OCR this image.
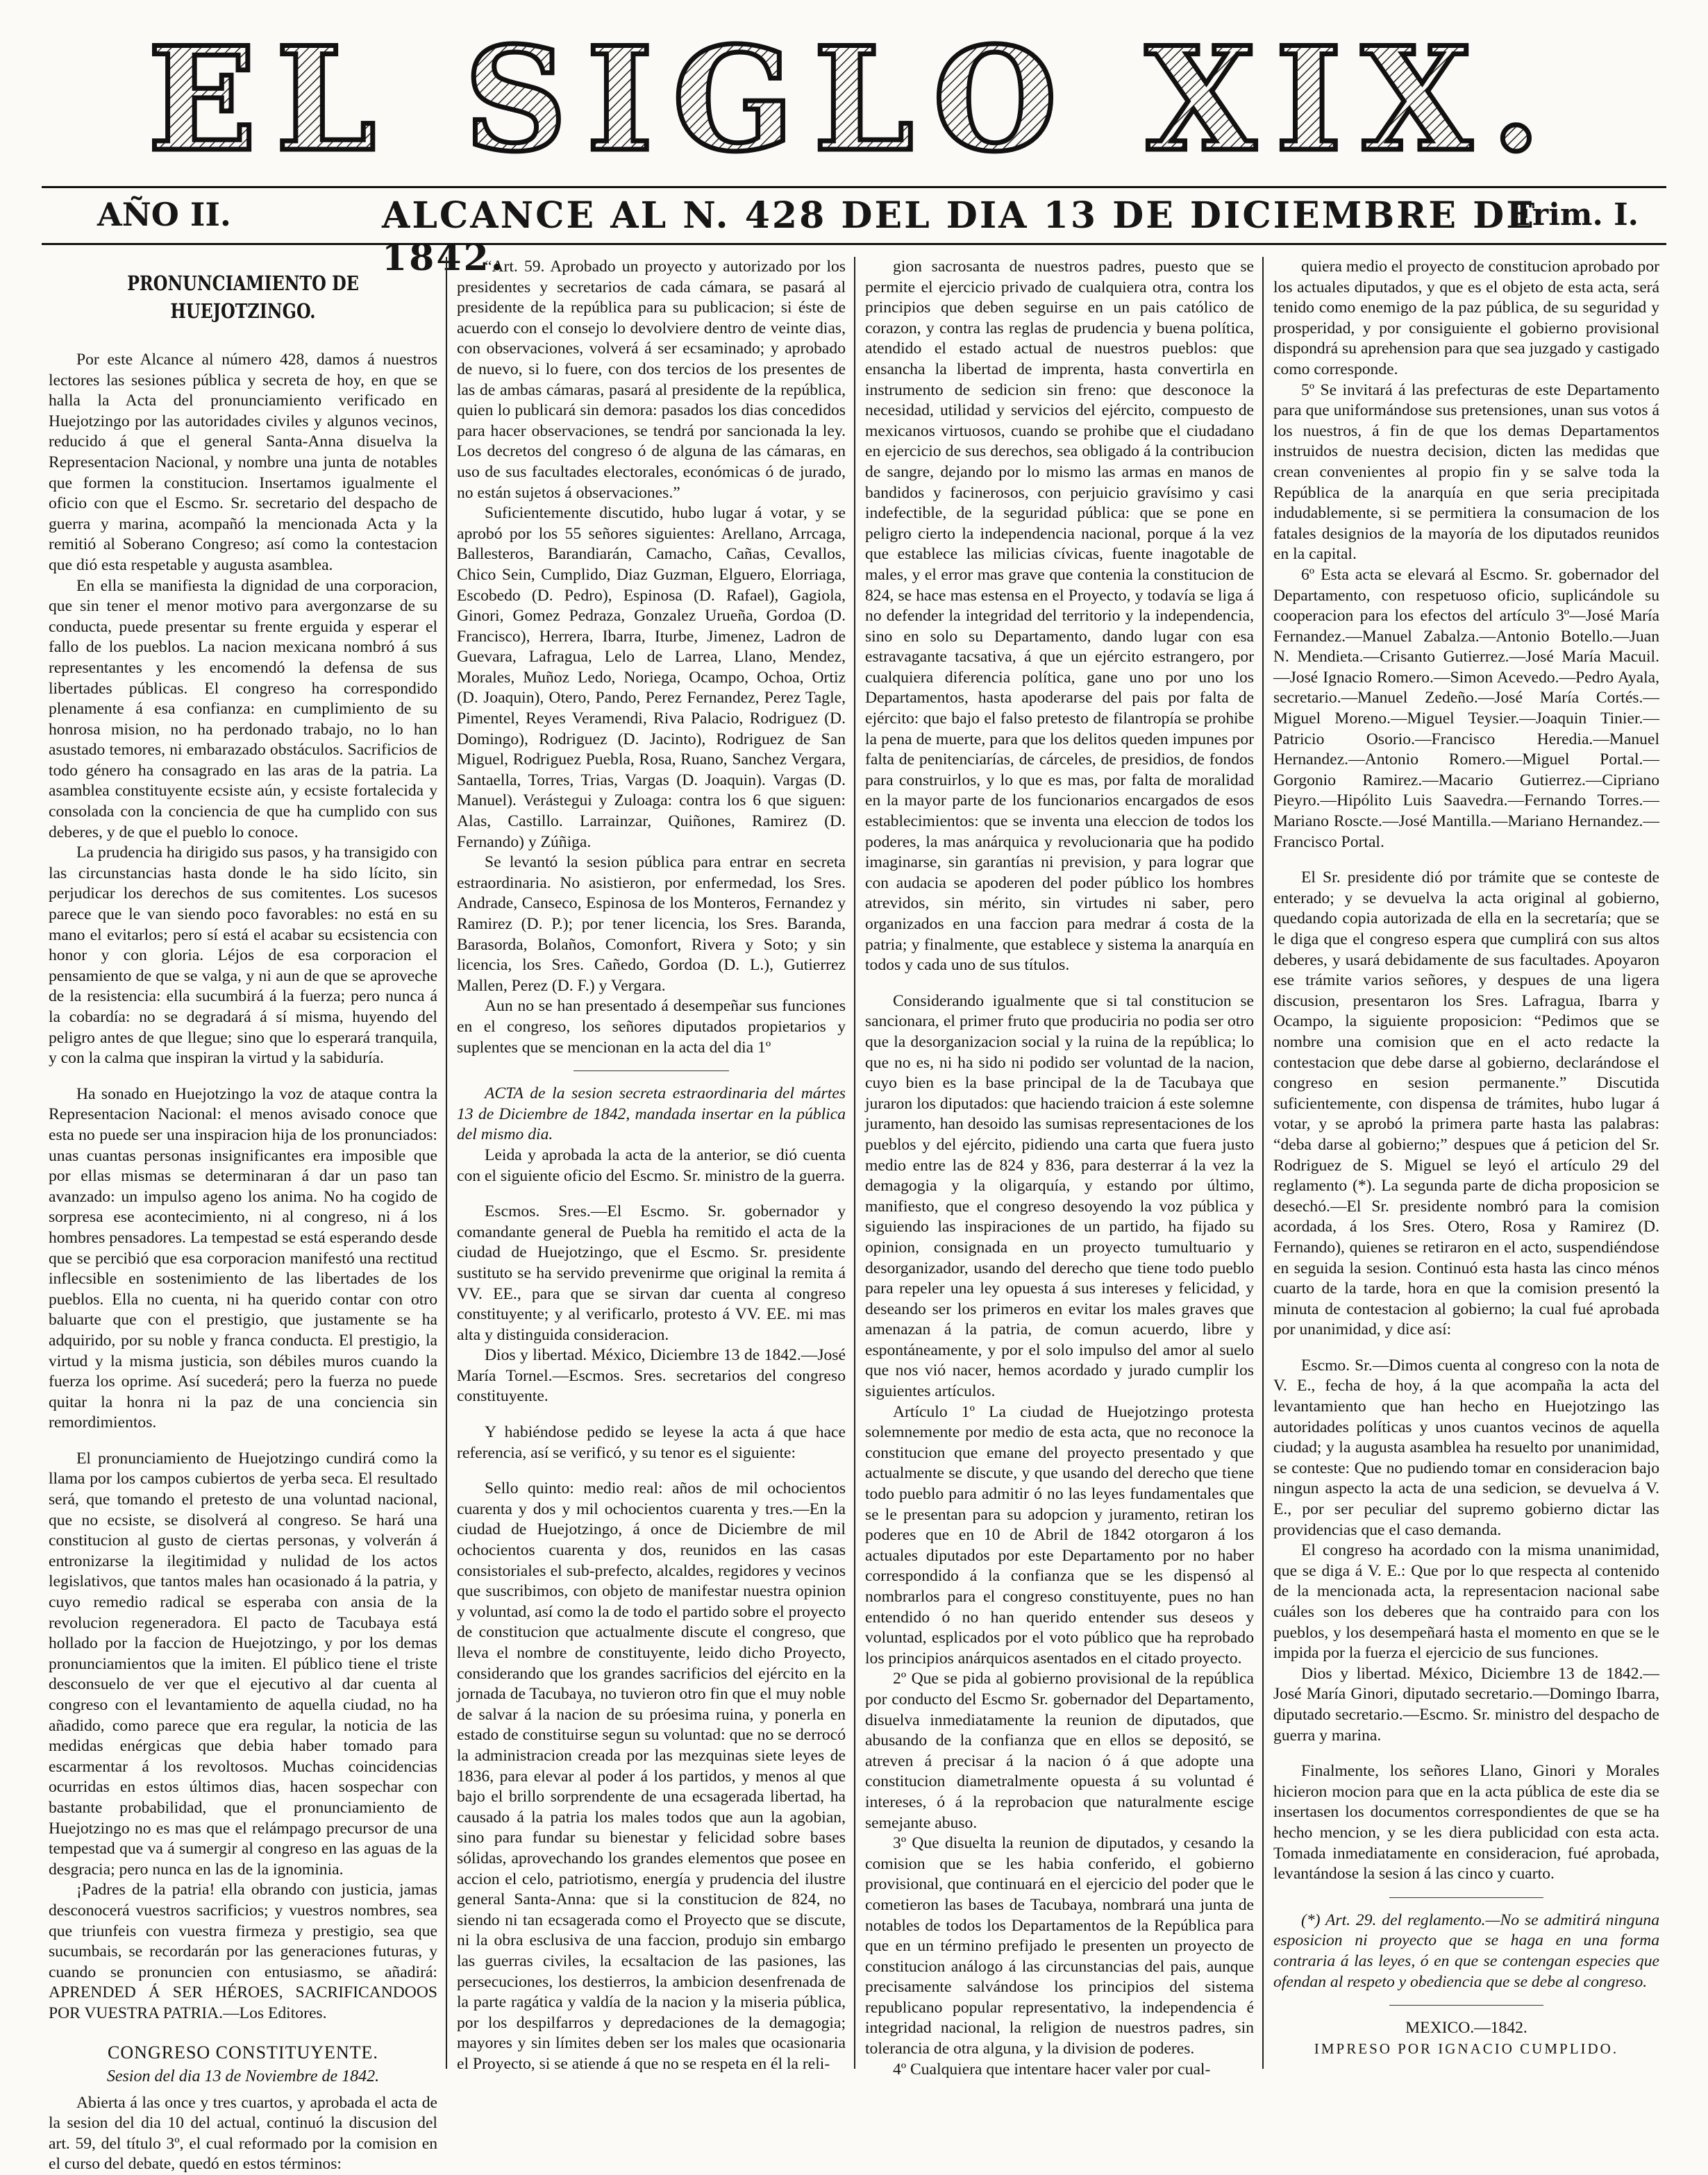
EL SIGLO XIX.
AÑO II.	ALCANCE AL N. 428 DEL DIA 13 DE DICIEMBRE DE 1842.
Trim. I.

PRONUNCIAMIENTO DE HUEJOTZINGO.

Por este Alcance al número 428, damos á nuestros lectores las sesiones pública y secreta de hoy, en que se halla la Acta del pronunciamiento verificado en Huejotzingo por las autoridades civiles y algunos vecinos, reducido á que el general Santa-Anna disuelva la Representacion Nacional, y nombre una junta de notables que formen la constitucion. Insertamos igualmente el oficio con que el Escmo. Sr. secretario del despacho de guerra y marina, acompañó la mencionada Acta y la remitió al Soberano Congreso; así como la contestacion que dió esta respetable y augusta asamblea.

En ella se manifiesta la dignidad de una corporacion, que sin tener el menor motivo para avergonzarse de su conducta, puede presentar su frente erguida y esperar el fallo de los pueblos. La nacion mexicana nombró á sus representantes y les encomendó la defensa de sus libertades públicas. El congreso ha correspondido plenamente á esa confianza: en cumplimiento de su honrosa mision, no ha perdonado trabajo, no lo han asustado temores, ni embarazado obstáculos. Sacrificios de todo género ha consagrado en las aras de la patria. La asamblea constituyente ecsiste aún, y ecsiste fortalecida y consolada con la conciencia de que ha cumplido con sus deberes, y de que el pueblo lo conoce.

La prudencia ha dirigido sus pasos, y ha transigido con las circunstancias hasta donde le ha sido lícito, sin perjudicar los derechos de sus comitentes. Los sucesos parece que le van siendo poco favorables: no está en su mano el evitarlos; pero sí está el acabar su ecsistencia con honor y con gloria. Léjos de esa corporacion el pensamiento de que se valga, y ni aun de que se aproveche de la resistencia: ella sucumbirá á la fuerza; pero nunca á la cobardía: no se degradará á sí misma, huyendo del peligro antes de que llegue; sino que lo esperará tranquila, y con la calma que inspiran la virtud y la sabiduría.

Ha sonado en Huejotzingo la voz de ataque contra la Representacion Nacional: el menos avisado conoce que esta no puede ser una inspiracion hija de los pronunciados: unas cuantas personas insignificantes era imposible que por ellas mismas se determinaran á dar un paso tan avanzado: un impulso ageno los anima. No ha cogido de sorpresa ese acontecimiento, ni al congreso, ni á los hombres pensadores. La tempestad se está esperando desde que se percibió que esa corporacion manifestó una rectitud inflecsible en sostenimiento de las libertades de los pueblos. Ella no cuenta, ni ha querido contar con otro baluarte que con el prestigio, que justamente se ha adquirido, por su noble y franca conducta. El prestigio, la virtud y la misma justicia, son débiles muros cuando la fuerza los oprime. Así sucederá; pero la fuerza no puede quitar la honra ni la paz de una conciencia sin remordimientos.

El pronunciamiento de Huejotzingo cundirá como la llama por los campos cubiertos de yerba seca. El resultado será, que tomando el pretesto de una voluntad nacional, que no ecsiste, se disolverá al congreso. Se hará una constitucion al gusto de ciertas personas, y volverán á entronizarse la ilegitimidad y nulidad de los actos legislativos, que tantos males han ocasionado á la patria, y cuyo remedio radical se esperaba con ansia de la revolucion regeneradora. El pacto de Tacubaya está hollado por la faccion de Huejotzingo, y por los demas pronunciamientos que la imiten. El público tiene el triste desconsuelo de ver que el ejecutivo al dar cuenta al congreso con el levantamiento de aquella ciudad, no ha añadido, como parece que era regular, la noticia de las medidas enérgicas que debia haber tomado para escarmentar á los revoltosos. Muchas coincidencias ocurridas en estos últimos dias, hacen sospechar con bastante probabilidad, que el pronunciamiento de Huejotzingo no es mas que el relámpago precursor de una tempestad que va á sumergir al congreso en las aguas de la desgracia; pero nunca en las de la ignominia.

¡Padres de la patria! ella obrando con justicia, jamas desconocerá vuestros sacrificios; y vuestros nombres, sea que triunfeis con vuestra firmeza y prestigio, sea que sucumbais, se recordarán por las generaciones futuras, y cuando se pronuncien con entusiasmo, se añadirá: APRENDED Á SER HÉROES, SACRIFICANDOOS POR VUESTRA PATRIA.—Los Editores.

CONGRESO CONSTITUYENTE.

Sesion del dia 13 de Noviembre de 1842.

Abierta á las once y tres cuartos, y aprobada el acta de la sesion del dia 10 del actual, continuó la discusion del art. 59, del título 3º, el cual reformado por la comision en el curso del debate, quedó en estos términos:

“Art. 59. Aprobado un proyecto y autorizado por los presidentes y secretarios de cada cámara, se pasará al presidente de la república para su publicacion; si éste de acuerdo con el consejo lo devolviere dentro de veinte dias, con observaciones, volverá á ser ecsaminado; y aprobado de nuevo, si lo fuere, con dos tercios de los presentes de las de ambas cámaras, pasará al presidente de la república, quien lo publicará sin demora: pasados los dias concedidos para hacer observaciones, se tendrá por sancionada la ley. Los decretos del congreso ó de alguna de las cámaras, en uso de sus facultades electorales, económicas ó de jurado, no están sujetos á observaciones.”

Suficientemente discutido, hubo lugar á votar, y se aprobó por los 55 señores siguientes: Arellano, Arrcaga, Ballesteros, Barandiarán, Camacho, Cañas, Cevallos, Chico Sein, Cumplido, Diaz Guzman, Elguero, Elorriaga, Escobedo (D. Pedro), Espinosa (D. Rafael), Gagiola, Ginori, Gomez Pedraza, Gonzalez Urueña, Gordoa (D. Francisco), Herrera, Ibarra, Iturbe, Jimenez, Ladron de Guevara, Lafragua, Lelo de Larrea, Llano, Mendez, Morales, Muñoz Ledo, Noriega, Ocampo, Ochoa, Ortiz (D. Joaquin), Otero, Pando, Perez Fernandez, Perez Tagle, Pimentel, Reyes Veramendi, Riva Palacio, Rodriguez (D. Domingo), Rodriguez (D. Jacinto), Rodriguez de San Miguel, Rodriguez Puebla, Rosa, Ruano, Sanchez Vergara, Santaella, Torres, Trias, Vargas (D. Joaquin). Vargas (D. Manuel). Verástegui y Zuloaga: contra los 6 que siguen: Alas, Castillo. Larrainzar, Quiñones, Ramirez (D. Fernando) y Zúñiga.

Se levantó la sesion pública para entrar en secreta estraordinaria. No asistieron, por enfermedad, los Sres. Andrade, Canseco, Espinosa de los Monteros, Fernandez y Ramirez (D. P.); por tener licencia, los Sres. Baranda, Barasorda, Bolaños, Comonfort, Rivera y Soto; y sin licencia, los Sres. Cañedo, Gordoa (D. L.), Gutierrez Mallen, Perez (D. F.) y Vergara.

Aun no se han presentado á desempeñar sus funciones en el congreso, los señores diputados propietarios y suplentes que se mencionan en la acta del dia 1º

ACTA de la sesion secreta estraordinaria del mártes 13 de Diciembre de 1842, mandada insertar en la pública del mismo dia.

Leida y aprobada la acta de la anterior, se dió cuenta con el siguiente oficio del Escmo. Sr. ministro de la guerra.

Escmos. Sres.—El Escmo. Sr. gobernador y comandante general de Puebla ha remitido el acta de la ciudad de Huejotzingo, que el Escmo. Sr. presidente sustituto se ha servido prevenirme que original la remita á VV. EE., para que se sirvan dar cuenta al congreso constituyente; y al verificarlo, protesto á VV. EE. mi mas alta y distinguida consideracion.

Dios y libertad. México, Diciembre 13 de 1842.—José María Tornel.—Escmos. Sres. secretarios del congreso constituyente.

Y habiéndose pedido se leyese la acta á que hace referencia, así se verificó, y su tenor es el siguiente:

Sello quinto: medio real: años de mil ochocientos cuarenta y dos y mil ochocientos cuarenta y tres.—En la ciudad de Huejotzingo, á once de Diciembre de mil ochocientos cuarenta y dos, reunidos en las casas consistoriales el sub-prefecto, alcaldes, regidores y vecinos que suscribimos, con objeto de manifestar nuestra opinion y voluntad, así como la de todo el partido sobre el proyecto de constitucion que actualmente discute el congreso, que lleva el nombre de constituyente, leido dicho Proyecto, considerando que los grandes sacrificios del ejército en la jornada de Tacubaya, no tuvieron otro fin que el muy noble de salvar á la nacion de su próesima ruina, y ponerla en estado de constituirse segun su voluntad: que no se derrocó la administracion creada por las mezquinas siete leyes de 1836, para elevar al poder á los partidos, y menos al que bajo el brillo sorprendente de una ecsagerada libertad, ha causado á la patria los males todos que aun la agobian, sino para fundar su bienestar y felicidad sobre bases sólidas, aprovechando los grandes elementos que posee en accion el celo, patriotismo, energía y prudencia del ilustre general Santa-Anna: que si la constitucion de 824, no siendo ni tan ecsagerada como el Proyecto que se discute, ni la obra esclusiva de una faccion, produjo sin embargo las guerras civiles, la ecsaltacion de las pasiones, las persecuciones, los destierros, la ambicion desenfrenada de la parte ragática y valdía de la nacion y la miseria pública, por los despilfarros y depredaciones de la demagogia; mayores y sin límites deben ser los males que ocasionaria el Proyecto, si se atiende á que no se respeta en él la reli-

gion sacrosanta de nuestros padres, puesto que se permite el ejercicio privado de cualquiera otra, contra los principios que deben seguirse en un pais católico de corazon, y contra las reglas de prudencia y buena política, atendido el estado actual de nuestros pueblos: que ensancha la libertad de imprenta, hasta convertirla en instrumento de sedicion sin freno: que desconoce la necesidad, utilidad y servicios del ejército, compuesto de mexicanos virtuosos, cuando se prohibe que el ciudadano en ejercicio de sus derechos, sea obligado á la contribucion de sangre, dejando por lo mismo las armas en manos de bandidos y facinerosos, con perjuicio gravísimo y casi indefectible, de la seguridad pública: que se pone en peligro cierto la independencia nacional, porque á la vez que establece las milicias cívicas, fuente inagotable de males, y el error mas grave que contenia la constitucion de 824, se hace mas estensa en el Proyecto, y todavía se liga á no defender la integridad del territorio y la independencia, sino en solo su Departamento, dando lugar con esa estravagante tacsativa, á que un ejército estrangero, por cualquiera diferencia política, gane uno por uno los Departamentos, hasta apoderarse del pais por falta de ejército: que bajo el falso pretesto de filantropía se prohibe la pena de muerte, para que los delitos queden impunes por falta de penitenciarías, de cárceles, de presidios, de fondos para construirlos, y lo que es mas, por falta de moralidad en la mayor parte de los funcionarios encargados de esos establecimientos: que se inventa una eleccion de todos los poderes, la mas anárquica y revolucionaria que ha podido imaginarse, sin garantías ni prevision, y para lograr que con audacia se apoderen del poder público los hombres atrevidos, sin mérito, sin virtudes ni saber, pero organizados en una faccion para medrar á costa de la patria; y finalmente, que establece y sistema la anarquía en todos y cada uno de sus títulos.

Considerando igualmente que si tal constitucion se sancionara, el primer fruto que produciria no podia ser otro que la desorganizacion social y la ruina de la república; lo que no es, ni ha sido ni podido ser voluntad de la nacion, cuyo bien es la base principal de la de Tacubaya que juraron los diputados: que haciendo traicion á este solemne juramento, han desoido las sumisas representaciones de los pueblos y del ejército, pidiendo una carta que fuera justo medio entre las de 824 y 836, para desterrar á la vez la demagogia y la oligarquía, y estando por último, manifiesto, que el congreso desoyendo la voz pública y siguiendo las inspiraciones de un partido, ha fijado su opinion, consignada en un proyecto tumultuario y desorganizador, usando del derecho que tiene todo pueblo para repeler una ley opuesta á sus intereses y felicidad, y deseando ser los primeros en evitar los males graves que amenazan á la patria, de comun acuerdo, libre y espontáneamente, y por el solo impulso del amor al suelo que nos vió nacer, hemos acordado y jurado cumplir los siguientes artículos.

Artículo 1º La ciudad de Huejotzingo protesta solemnemente por medio de esta acta, que no reconoce la constitucion que emane del proyecto presentado y que actualmente se discute, y que usando del derecho que tiene todo pueblo para admitir ó no las leyes fundamentales que se le presentan para su adopcion y juramento, retiran los poderes que en 10 de Abril de 1842 otorgaron á los actuales diputados por este Departamento por no haber correspondido á la confianza que se les dispensó al nombrarlos para el congreso constituyente, pues no han entendido ó no han querido entender sus deseos y voluntad, esplicados por el voto público que ha reprobado los principios anárquicos asentados en el citado proyecto.

2º Que se pida al gobierno provisional de la república por conducto del Escmo Sr. gobernador del Departamento, disuelva inmediatamente la reunion de diputados, que abusando de la confianza que en ellos se depositó, se atreven á precisar á la nacion ó á que adopte una constitucion diametralmente opuesta á su voluntad é intereses, ó á la reprobacion que naturalmente escige semejante abuso.

3º Que disuelta la reunion de diputados, y cesando la comision que se les habia conferido, el gobierno provisional, que continuará en el ejercicio del poder que le cometieron las bases de Tacubaya, nombrará una junta de notables de todos los Departamentos de la República para que en un término prefijado le presenten un proyecto de constitucion análogo á las circunstancias del pais, aunque precisamente salvándose los principios del sistema republicano popular representativo, la independencia é integridad nacional, la religion de nuestros padres, sin tolerancia de otra alguna, y la division de poderes.

4º Cualquiera que intentare hacer valer por cual-

quiera medio el proyecto de constitucion aprobado por los actuales diputados, y que es el objeto de esta acta, será tenido como enemigo de la paz pública, de su seguridad y prosperidad, y por consiguiente el gobierno provisional dispondrá su aprehension para que sea juzgado y castigado como corresponde.

5º Se invitará á las prefecturas de este Departamento para que uniformándose sus pretensiones, unan sus votos á los nuestros, á fin de que los demas Departamentos instruidos de nuestra decision, dicten las medidas que crean convenientes al propio fin y se salve toda la República de la anarquía en que seria precipitada indudablemente, si se permitiera la consumacion de los fatales designios de la mayoría de los diputados reunidos en la capital.

6º Esta acta se elevará al Escmo. Sr. gobernador del Departamento, con respetuoso oficio, suplicándole su cooperacion para los efectos del artículo 3º—José María Fernandez.—Manuel Zabalza.—Antonio Botello.—Juan N. Mendieta.—Crisanto Gutierrez.—José María Macuil.—José Ignacio Romero.—Simon Acevedo.—Pedro Ayala, secretario.—Manuel Zedeño.—José María Cortés.—Miguel Moreno.—Miguel Teysier.—Joaquin Tinier.—Patricio Osorio.—Francisco Heredia.—Manuel Hernandez.—Antonio Romero.—Miguel Portal.—Gorgonio Ramirez.—Macario Gutierrez.—Cipriano Pieyro.—Hipólito Luis Saavedra.—Fernando Torres.—Mariano Roscte.—José Mantilla.—Mariano Hernandez.—Francisco Portal.

El Sr. presidente dió por trámite que se conteste de enterado; y se devuelva la acta original al gobierno, quedando copia autorizada de ella en la secretaría; que se le diga que el congreso espera que cumplirá con sus altos deberes, y usará debidamente de sus facultades. Apoyaron ese trámite varios señores, y despues de una ligera discusion, presentaron los Sres. Lafragua, Ibarra y Ocampo, la siguiente proposicion: “Pedimos que se nombre una comision que en el acto redacte la contestacion que debe darse al gobierno, declarándose el congreso en sesion permanente.” Discutida suficientemente, con dispensa de trámites, hubo lugar á votar, y se aprobó la primera parte hasta las palabras: “deba darse al gobierno;” despues que á peticion del Sr. Rodriguez de S. Miguel se leyó el artículo 29 del reglamento (*). La segunda parte de dicha proposicion se desechó.—El Sr. presidente nombró para la comision acordada, á los Sres. Otero, Rosa y Ramirez (D. Fernando), quienes se retiraron en el acto, suspendiéndose en seguida la sesion. Continuó esta hasta las cinco ménos cuarto de la tarde, hora en que la comision presentó la minuta de contestacion al gobierno; la cual fué aprobada por unanimidad, y dice así:

Escmo. Sr.—Dimos cuenta al congreso con la nota de V. E., fecha de hoy, á la que acompaña la acta del levantamiento que han hecho en Huejotzingo las autoridades políticas y unos cuantos vecinos de aquella ciudad; y la augusta asamblea ha resuelto por unanimidad, se conteste: Que no pudiendo tomar en consideracion bajo ningun aspecto la acta de una sedicion, se devuelva á V. E., por ser peculiar del supremo gobierno dictar las providencias que el caso demanda.

El congreso ha acordado con la misma unanimidad, que se diga á V. E.: Que por lo que respecta al contenido de la mencionada acta, la representacion nacional sabe cuáles son los deberes que ha contraido para con los pueblos, y los desempeñará hasta el momento en que se le impida por la fuerza el ejercicio de sus funciones.

Dios y libertad. México, Diciembre 13 de 1842.—José María Ginori, diputado secretario.—Domingo Ibarra, diputado secretario.—Escmo. Sr. ministro del despacho de guerra y marina.

Finalmente, los señores Llano, Ginori y Morales hicieron mocion para que en la acta pública de este dia se insertasen los documentos correspondientes de que se ha hecho mencion, y se les diera publicidad con esta acta. Tomada inmediatamente en consideracion, fué aprobada, levantándose la sesion á las cinco y cuarto.

(*) Art. 29. del reglamento.—No se admitirá ninguna esposicion ni proyecto que se haga en una forma contraria á las leyes, ó en que se contengan especies que ofendan al respeto y obediencia que se debe al congreso.

MEXICO.—1842.

IMPRESO POR IGNACIO CUMPLIDO.
